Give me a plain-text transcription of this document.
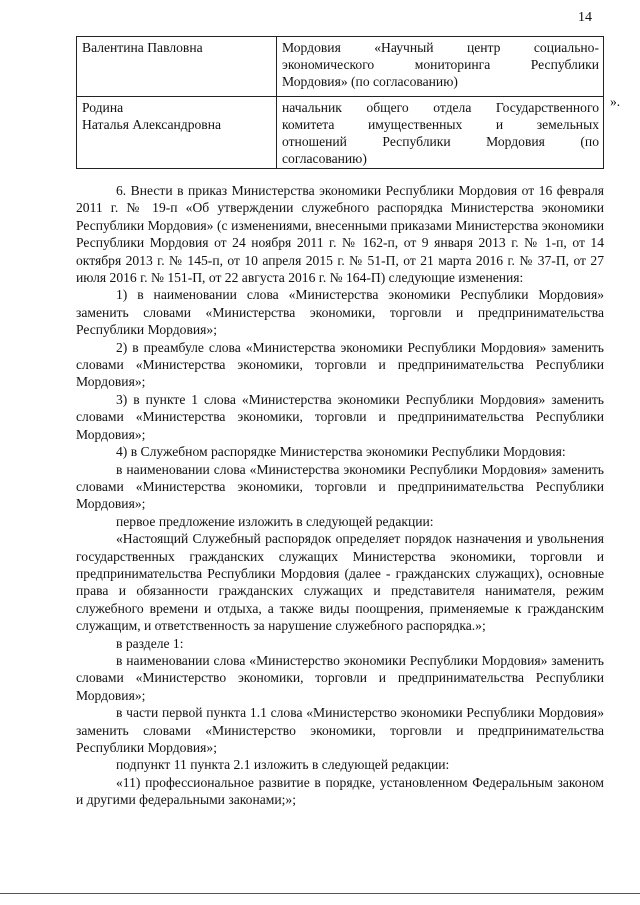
14
Валентина Павловна	Мордовия «Научный центр социально-
экономического мониторинга Республики
Мордовия» (по согласованию)

Родина
Наталья Александровна	начальник общего отдела Государственного
комитета имущественных и земельных
отношений Республики Мордовия (по
согласованию)
».

6. Внести в приказ Министерства экономики Республики Мордовия от 16 февраля 2011 г. № 19-п «Об утверждении служебного распорядка Министерства экономики Республики Мордовия» (с изменениями, внесенными приказами Министерства экономики Республики Мордовия от 24 ноября 2011 г. № 162-п, от 9 января 2013 г. № 1-п, от 14 октября 2013 г. № 145-п, от 10 апреля 2015 г. № 51-П, от 21 марта 2016 г. № 37-П, от 27 июля 2016 г. № 151-П, от 22 августа 2016 г. № 164-П) следующие изменения:

1) в наименовании слова «Министерства экономики Республики Мордовия» заменить словами «Министерства экономики, торговли и предпринимательства Республики Мордовия»;

2) в преамбуле слова «Министерства экономики Республики Мордовия» заменить словами «Министерства экономики, торговли и предпринимательства Республики Мордовия»;

3) в пункте 1 слова «Министерства экономики Республики Мордовия» заменить словами «Министерства экономики, торговли и предпринимательства Республики Мордовия»;

4) в Служебном распорядке Министерства экономики Республики Мордовия:

в наименовании слова «Министерства экономики Республики Мордовия» заменить словами «Министерства экономики, торговли и предпринимательства Республики Мордовия»;

первое предложение изложить в следующей редакции:

«Настоящий Служебный распорядок определяет порядок назначения и увольнения государственных гражданских служащих Министерства экономики, торговли и предпринимательства Республики Мордовия (далее - гражданских служащих), основные права и обязанности гражданских служащих и представителя нанимателя, режим служебного времени и отдыха, а также виды поощрения, применяемые к гражданским служащим, и ответственность за нарушение служебного распорядка.»;

в разделе 1:

в наименовании слова «Министерство экономики Республики Мордовия» заменить словами «Министерство экономики, торговли и предпринимательства Республики Мордовия»;

в части первой пункта 1.1 слова «Министерство экономики Республики Мордовия» заменить словами «Министерство экономики, торговли и предпринимательства Республики Мордовия»;

подпункт 11 пункта 2.1 изложить в следующей редакции:

«11) профессиональное развитие в порядке, установленном Федеральным законом и другими федеральными законами;»;
